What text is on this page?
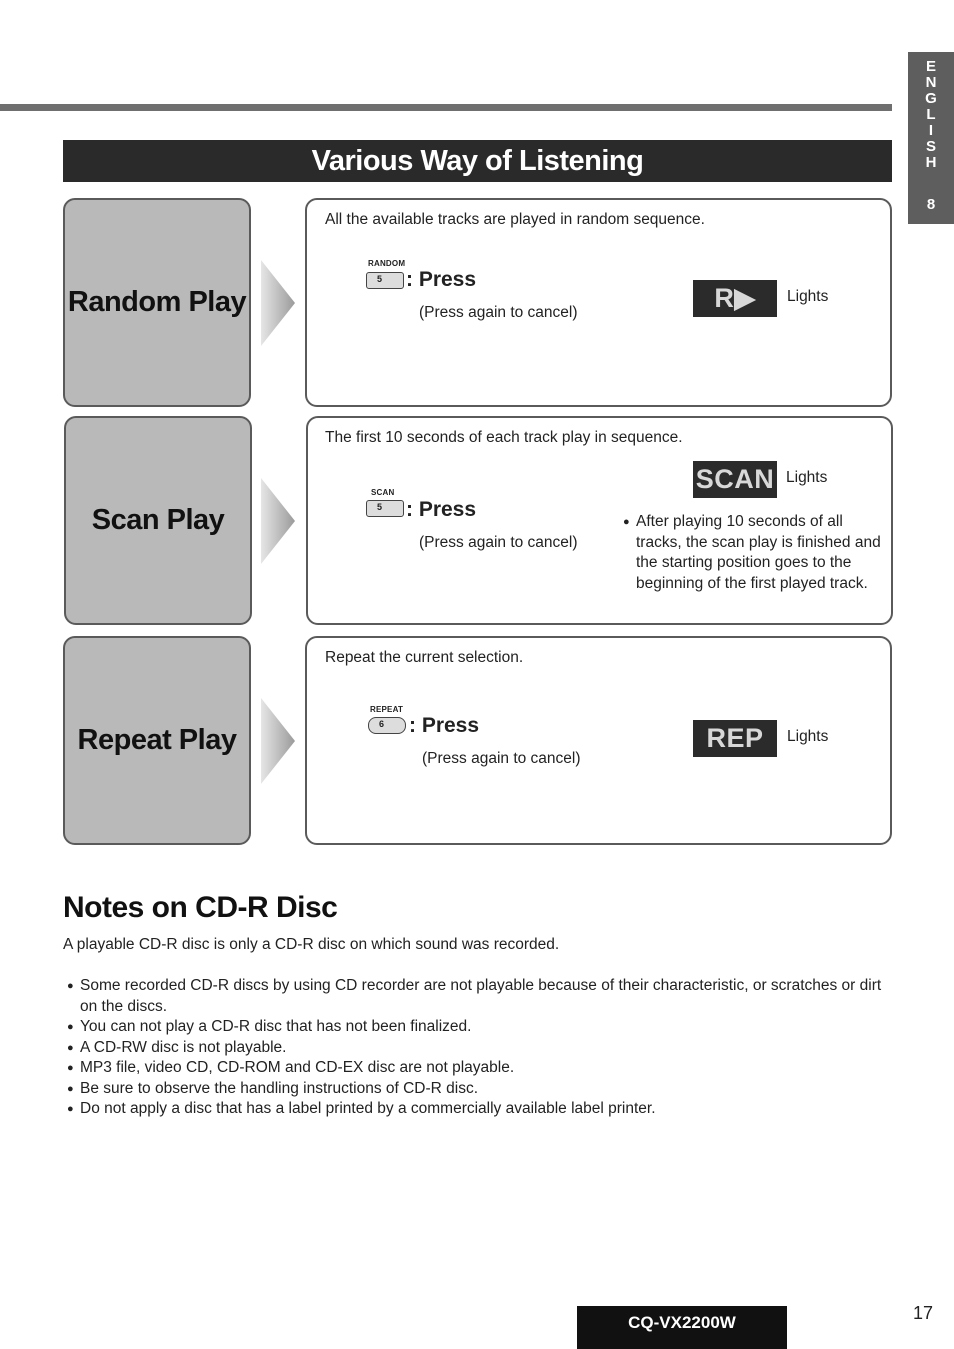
E
N
G
L
I
S
H
8
Various Way of Listening
Random Play
All the available tracks are played in random sequence.
RANDOM
5	: Press
(Press again to cancel)	R▶	Lights
Scan Play
The first 10 seconds of each track play in sequence.
SCAN
5	: Press
(Press again to cancel)
SCAN Lights
● After playing 10 seconds of all tracks, the scan play is finished and the starting position goes to the beginning of the first played track.
Repeat Play
Repeat the current selection.
REPEAT
6	: Press
(Press again to cancel)
REP	Lights
Notes on CD-R Disc
A playable CD-R disc is only a CD-R disc on which sound was recorded.
● Some recorded CD-R discs by using CD recorder are not playable because of their characteristic, or scratches or dirt on the discs.
● You can not play a CD-R disc that has not been finalized.
● A CD-RW disc is not playable.
● MP3 file, video CD, CD-ROM and CD-EX disc are not playable.
● Be sure to observe the handling instructions of CD-R disc.
● Do not apply a disc that has a label printed by a commercially available label printer.
CQ-VX2200W	17
